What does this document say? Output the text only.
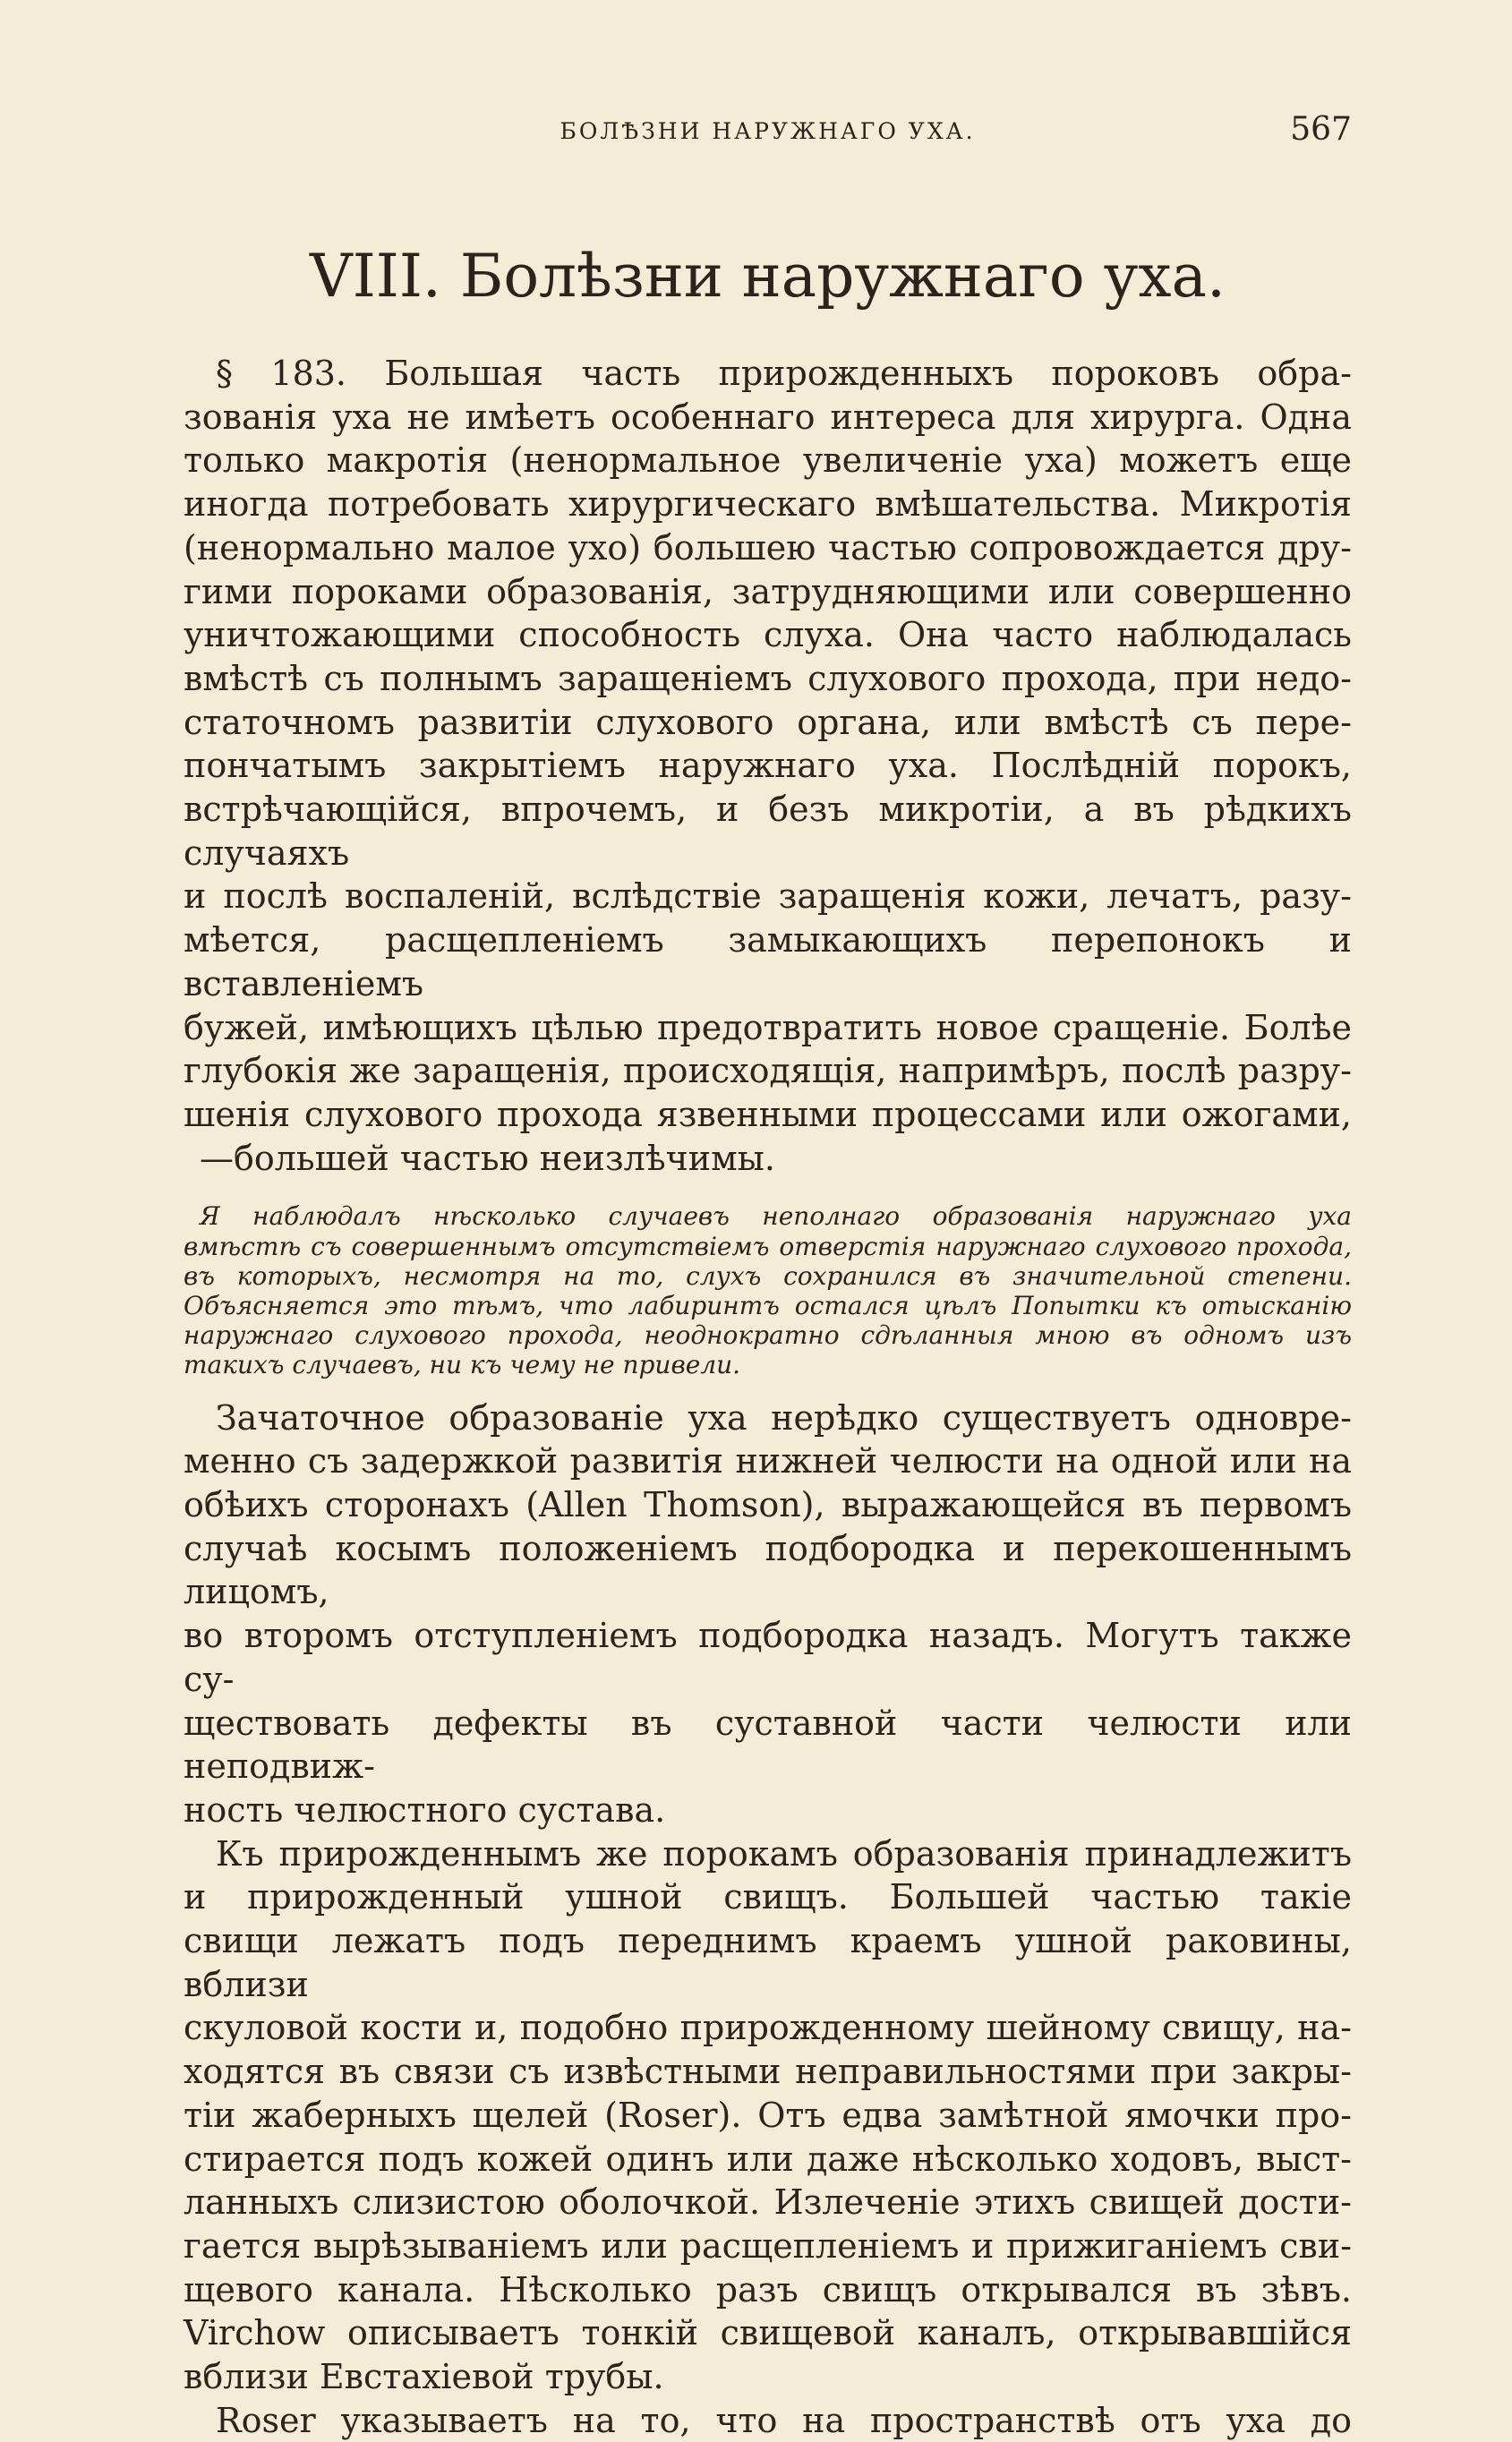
БОЛѢЗНИ НАРУЖНАГО УХА.	567
VIII. Болѣзни наружнаго уха.

§ 183. Большая часть прирожденныхъ пороковъ обра-
зованія уха не имѣетъ особеннаго интереса для хирурга. Одна
только макротія (ненормальное увеличеніе уха) можетъ еще
иногда потребовать хирургическаго вмѣшательства. Микротія
(ненормально малое ухо) большею частью сопровождается дру-
гими пороками образованія, затрудняющими или совершенно
уничтожающими способность слуха. Она часто наблюдалась
вмѣстѣ съ полнымъ заращеніемъ слухового прохода, при недо-
статочномъ развитіи слухового органа, или вмѣстѣ съ пере-
пончатымъ закрытіемъ наружнаго уха. Послѣдній порокъ,
встрѣчающійся, впрочемъ, и безъ микротіи, а въ рѣдкихъ случаяхъ
и послѣ воспаленій, вслѣдствіе заращенія кожи, лечатъ, разу-
мѣется, расщепленіемъ замыкающихъ перепонокъ и вставленіемъ
бужей, имѣющихъ цѣлью предотвратить новое сращеніе. Болѣе
глубокія же заращенія, происходящія, напримѣръ, послѣ разру-
шенія слухового прохода язвенными процессами или ожогами,
—большей частью неизлѣчимы.

Я наблюдалъ нѣсколько случаевъ неполнаго образованія наружнаго уха
вмѣстѣ съ совершеннымъ отсутствіемъ отверстія наружнаго слухового прохода,
въ которыхъ, несмотря на то, слухъ сохранился въ значительной степени.
Объясняется это тѣмъ, что лабиринтъ остался цѣлъ Попытки къ отысканію
наружнаго слухового прохода, неоднократно сдѣланныя мною въ одномъ изъ
такихъ случаевъ, ни къ чему не привели.

Зачаточное образованіе уха нерѣдко существуетъ одновре-
менно съ задержкой развитія нижней челюсти на одной или на
обѣихъ сторонахъ (Allen Thomson), выражающейся въ первомъ
случаѣ косымъ положеніемъ подбородка и перекошеннымъ лицомъ,
во второмъ отступленіемъ подбородка назадъ. Могутъ также су-
ществовать дефекты въ суставной части челюсти или неподвиж-
ность челюстного сустава.

Къ прирожденнымъ же порокамъ образованія принадлежитъ
и прирожденный ушной свищъ. Большей частью такіе
свищи лежатъ подъ переднимъ краемъ ушной раковины, вблизи
скуловой кости и, подобно прирожденному шейному свищу, на-
ходятся въ связи съ извѣстными неправильностями при закры-
тіи жаберныхъ щелей (Roser). Отъ едва замѣтной ямочки про-
стирается подъ кожей одинъ или даже нѣсколько ходовъ, выст-
ланныхъ слизистою оболочкой. Излеченіе этихъ свищей дости-
гается вырѣзываніемъ или расщепленіемъ и прижиганіемъ сви-
щевого канала. Нѣсколько разъ свищъ открывался въ зѣвъ.
Virchow описываетъ тонкій свищевой каналъ, открывавшійся
вблизи Евстахіевой трубы.

Roser указываетъ на то, что на пространствѣ отъ уха до
